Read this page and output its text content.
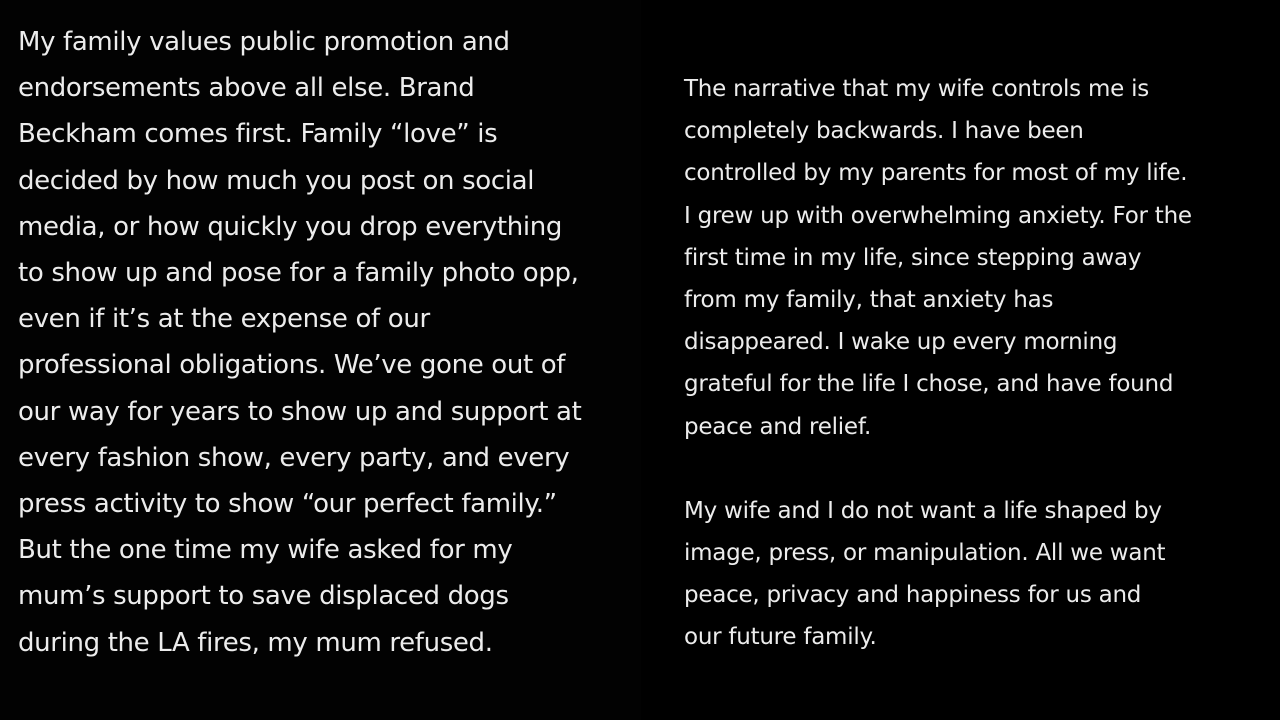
My family values public promotion and
endorsements above all else. Brand
Beckham comes first. Family “love” is
decided by how much you post on social
media, or how quickly you drop everything
to show up and pose for a family photo opp,
even if it’s at the expense of our
professional obligations. We’ve gone out of
our way for years to show up and support at
every fashion show, every party, and every
press activity to show “our perfect family.”
But the one time my wife asked for my
mum’s support to save displaced dogs
during the LA fires, my mum refused.

The narrative that my wife controls me is
completely backwards. I have been
controlled by my parents for most of my life.
I grew up with overwhelming anxiety. For the
first time in my life, since stepping away
from my family, that anxiety has
disappeared. I wake up every morning
grateful for the life I chose, and have found
peace and relief.

My wife and I do not want a life shaped by
image, press, or manipulation. All we want
peace, privacy and happiness for us and
our future family.
